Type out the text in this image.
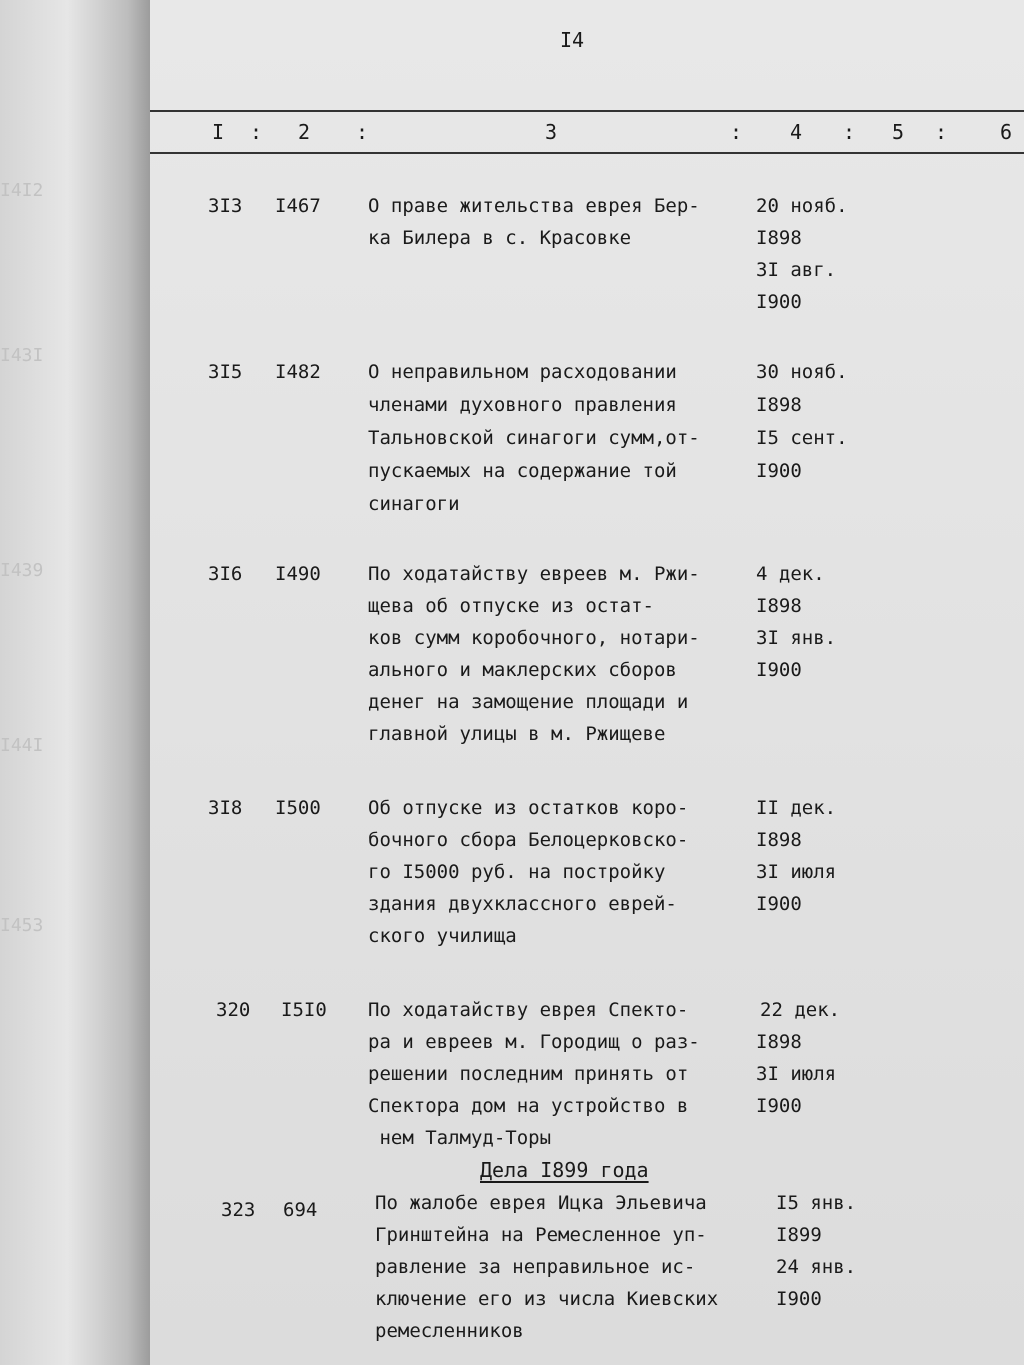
I4I2
I43I
I439
I44I
I453
I4
I : 2 :	3	: 4 : 5 :	6
3I3 I467 О праве жительства еврея Бер-
ка Билера в с. Красовке
20 нояб.
I898
3I авг.
I900
3I5 I482 О неправильном расходовании
членами духовного правления
Тальновской синагоги сумм,от-
пускаемых на содержание той
синагоги
30 нояб.
I898
I5 сент.
I900
3I6 I490 По ходатайству евреев м. Ржи-
щева об отпуске из остат-
ков сумм коробочного, нотари-
ального и маклерских сборов
денег на замощение площади и
главной улицы в м. Ржищеве
4 дек.
I898
3I янв.
I900
3I8 I500 Об отпуске из остатков коро-
бочного сбора Белоцерковско-
го I5000 руб. на постройку
здания двухклассного еврей-
ского училища
II дек.
I898
3I июля
I900
320 I5I0 По ходатайству еврея Спекто-
ра и евреев м. Городищ о раз-
решении последним принять от
Спектора дом на устройство в
нем Талмуд-Торы
22 дек.
I898
3I июля
I900
Дела I899 года
323 694	По жалобе еврея Ицка Эльевича
Гринштейна на Ремесленное уп-
равление за неправильное ис-
ключение его из числа Киевских
ремесленников
I5 янв.
I899
24 янв.
I900
